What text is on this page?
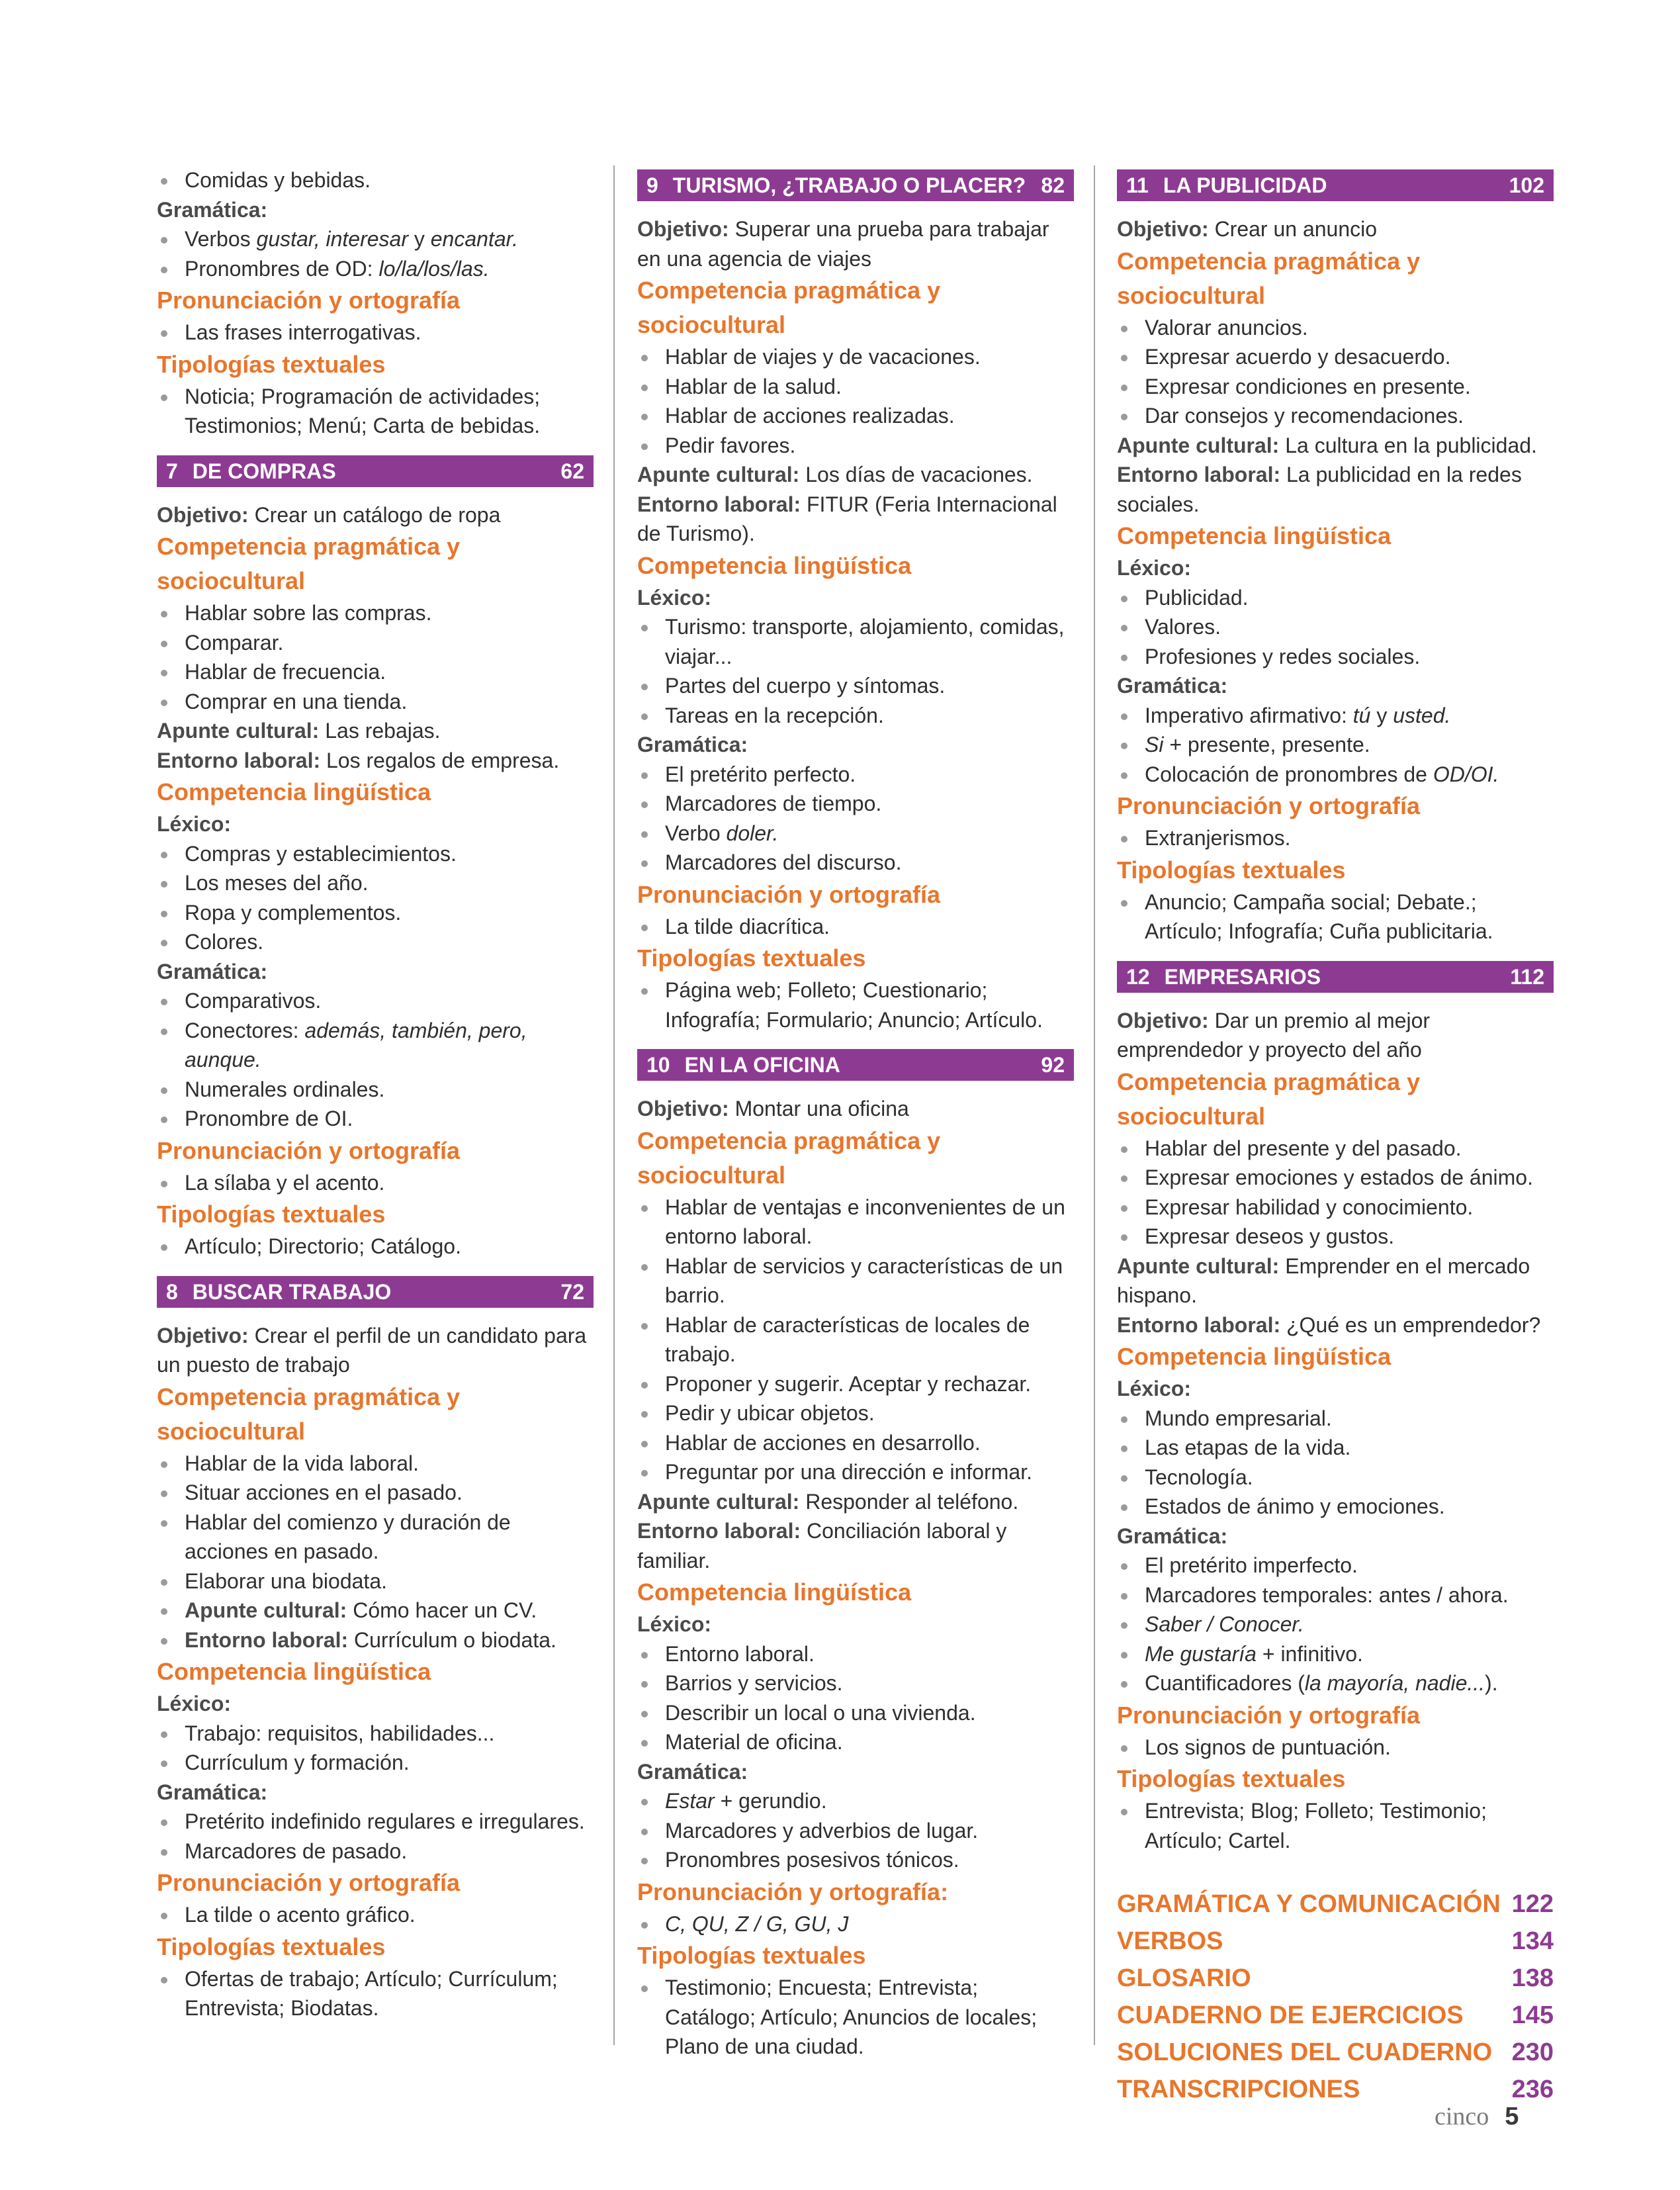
Comidas y bebidas.
Gramática:
Verbos gustar, interesar y encantar.
Pronombres de OD: lo/la/los/las.
Pronunciación y ortografía
Las frases interrogativas.
Tipologías textuales
Noticia; Programación de actividades; Testimonios; Menú; Carta de bebidas.
7 DE COMPRAS	62
Objetivo: Crear un catálogo de ropa
Competencia pragmática y sociocultural
Hablar sobre las compras.
Comparar.
Hablar de frecuencia.
Comprar en una tienda.
Apunte cultural: Las rebajas.
Entorno laboral: Los regalos de empresa.
Competencia lingüística
Léxico:
Compras y establecimientos.
Los meses del año.
Ropa y complementos.
Colores.
Gramática:
Comparativos.
Conectores: además, también, pero, aunque.
Numerales ordinales.
Pronombre de OI.
Pronunciación y ortografía
La sílaba y el acento.
Tipologías textuales
Artículo; Directorio; Catálogo.
8 BUSCAR TRABAJO	72
Objetivo: Crear el perfil de un candidato para un puesto de trabajo
Competencia pragmática y sociocultural
Hablar de la vida laboral.
Situar acciones en el pasado.
Hablar del comienzo y duración de acciones en pasado.
Elaborar una biodata.
Apunte cultural: Cómo hacer un CV.
Entorno laboral: Currículum o biodata.
Competencia lingüística
Léxico:
Trabajo: requisitos, habilidades...
Currículum y formación.
Gramática:
Pretérito indefinido regulares e irregulares.
Marcadores de pasado.
Pronunciación y ortografía
La tilde o acento gráfico.
Tipologías textuales
Ofertas de trabajo; Artículo; Currículum; Entrevista; Biodatas.
9 TURISMO, ¿TRABAJO O PLACER? 82
Objetivo: Superar una prueba para trabajar en una agencia de viajes
Competencia pragmática y sociocultural
Hablar de viajes y de vacaciones.
Hablar de la salud.
Hablar de acciones realizadas.
Pedir favores.
Apunte cultural: Los días de vacaciones.
Entorno laboral: FITUR (Feria Internacional de Turismo).
Competencia lingüística
Léxico:
Turismo: transporte, alojamiento, comidas, viajar...
Partes del cuerpo y síntomas.
Tareas en la recepción.
Gramática:
El pretérito perfecto.
Marcadores de tiempo.
Verbo doler.
Marcadores del discurso.
Pronunciación y ortografía
La tilde diacrítica.
Tipologías textuales
Página web; Folleto; Cuestionario; Infografía; Formulario; Anuncio; Artículo.
10 EN LA OFICINA	92
Objetivo: Montar una oficina
Competencia pragmática y sociocultural
Hablar de ventajas e inconvenientes de un entorno laboral.
Hablar de servicios y características de un barrio.
Hablar de características de locales de trabajo.
Proponer y sugerir. Aceptar y rechazar.
Pedir y ubicar objetos.
Hablar de acciones en desarrollo.
Preguntar por una dirección e informar.
Apunte cultural: Responder al teléfono.
Entorno laboral: Conciliación laboral y familiar.
Competencia lingüística
Léxico:
Entorno laboral.
Barrios y servicios.
Describir un local o una vivienda.
Material de oficina.
Gramática:
Estar + gerundio.
Marcadores y adverbios de lugar.
Pronombres posesivos tónicos.
Pronunciación y ortografía:
C, QU, Z / G, GU, J
Tipologías textuales
Testimonio; Encuesta; Entrevista; Catálogo; Artículo; Anuncios de locales; Plano de una ciudad.
11 LA PUBLICIDAD	102
Objetivo: Crear un anuncio
Competencia pragmática y sociocultural
Valorar anuncios.
Expresar acuerdo y desacuerdo.
Expresar condiciones en presente.
Dar consejos y recomendaciones.
Apunte cultural: La cultura en la publicidad.
Entorno laboral: La publicidad en la redes sociales.
Competencia lingüística
Léxico:
Publicidad.
Valores.
Profesiones y redes sociales.
Gramática:
Imperativo afirmativo: tú y usted.
Si + presente, presente.
Colocación de pronombres de OD/OI.
Pronunciación y ortografía
Extranjerismos.
Tipologías textuales
Anuncio; Campaña social; Debate.; Artículo; Infografía; Cuña publicitaria.
12 EMPRESARIOS	112
Objetivo: Dar un premio al mejor emprendedor y proyecto del año
Competencia pragmática y sociocultural
Hablar del presente y del pasado.
Expresar emociones y estados de ánimo.
Expresar habilidad y conocimiento.
Expresar deseos y gustos.
Apunte cultural: Emprender en el mercado hispano.
Entorno laboral: ¿Qué es un emprendedor?
Competencia lingüística
Léxico:
Mundo empresarial.
Las etapas de la vida.
Tecnología.
Estados de ánimo y emociones.
Gramática:
El pretérito imperfecto.
Marcadores temporales: antes / ahora.
Saber / Conocer.
Me gustaría + infinitivo.
Cuantificadores (la mayoría, nadie...).
Pronunciación y ortografía
Los signos de puntuación.
Tipologías textuales
Entrevista; Blog; Folleto; Testimonio; Artículo; Cartel.
GRAMÁTICA Y COMUNICACIÓN 122
VERBOS	134
GLOSARIO	138
CUADERNO DE EJERCICIOS 145
SOLUCIONES DEL CUADERNO 230
TRANSCRIPCIONES	236
cinco 5
